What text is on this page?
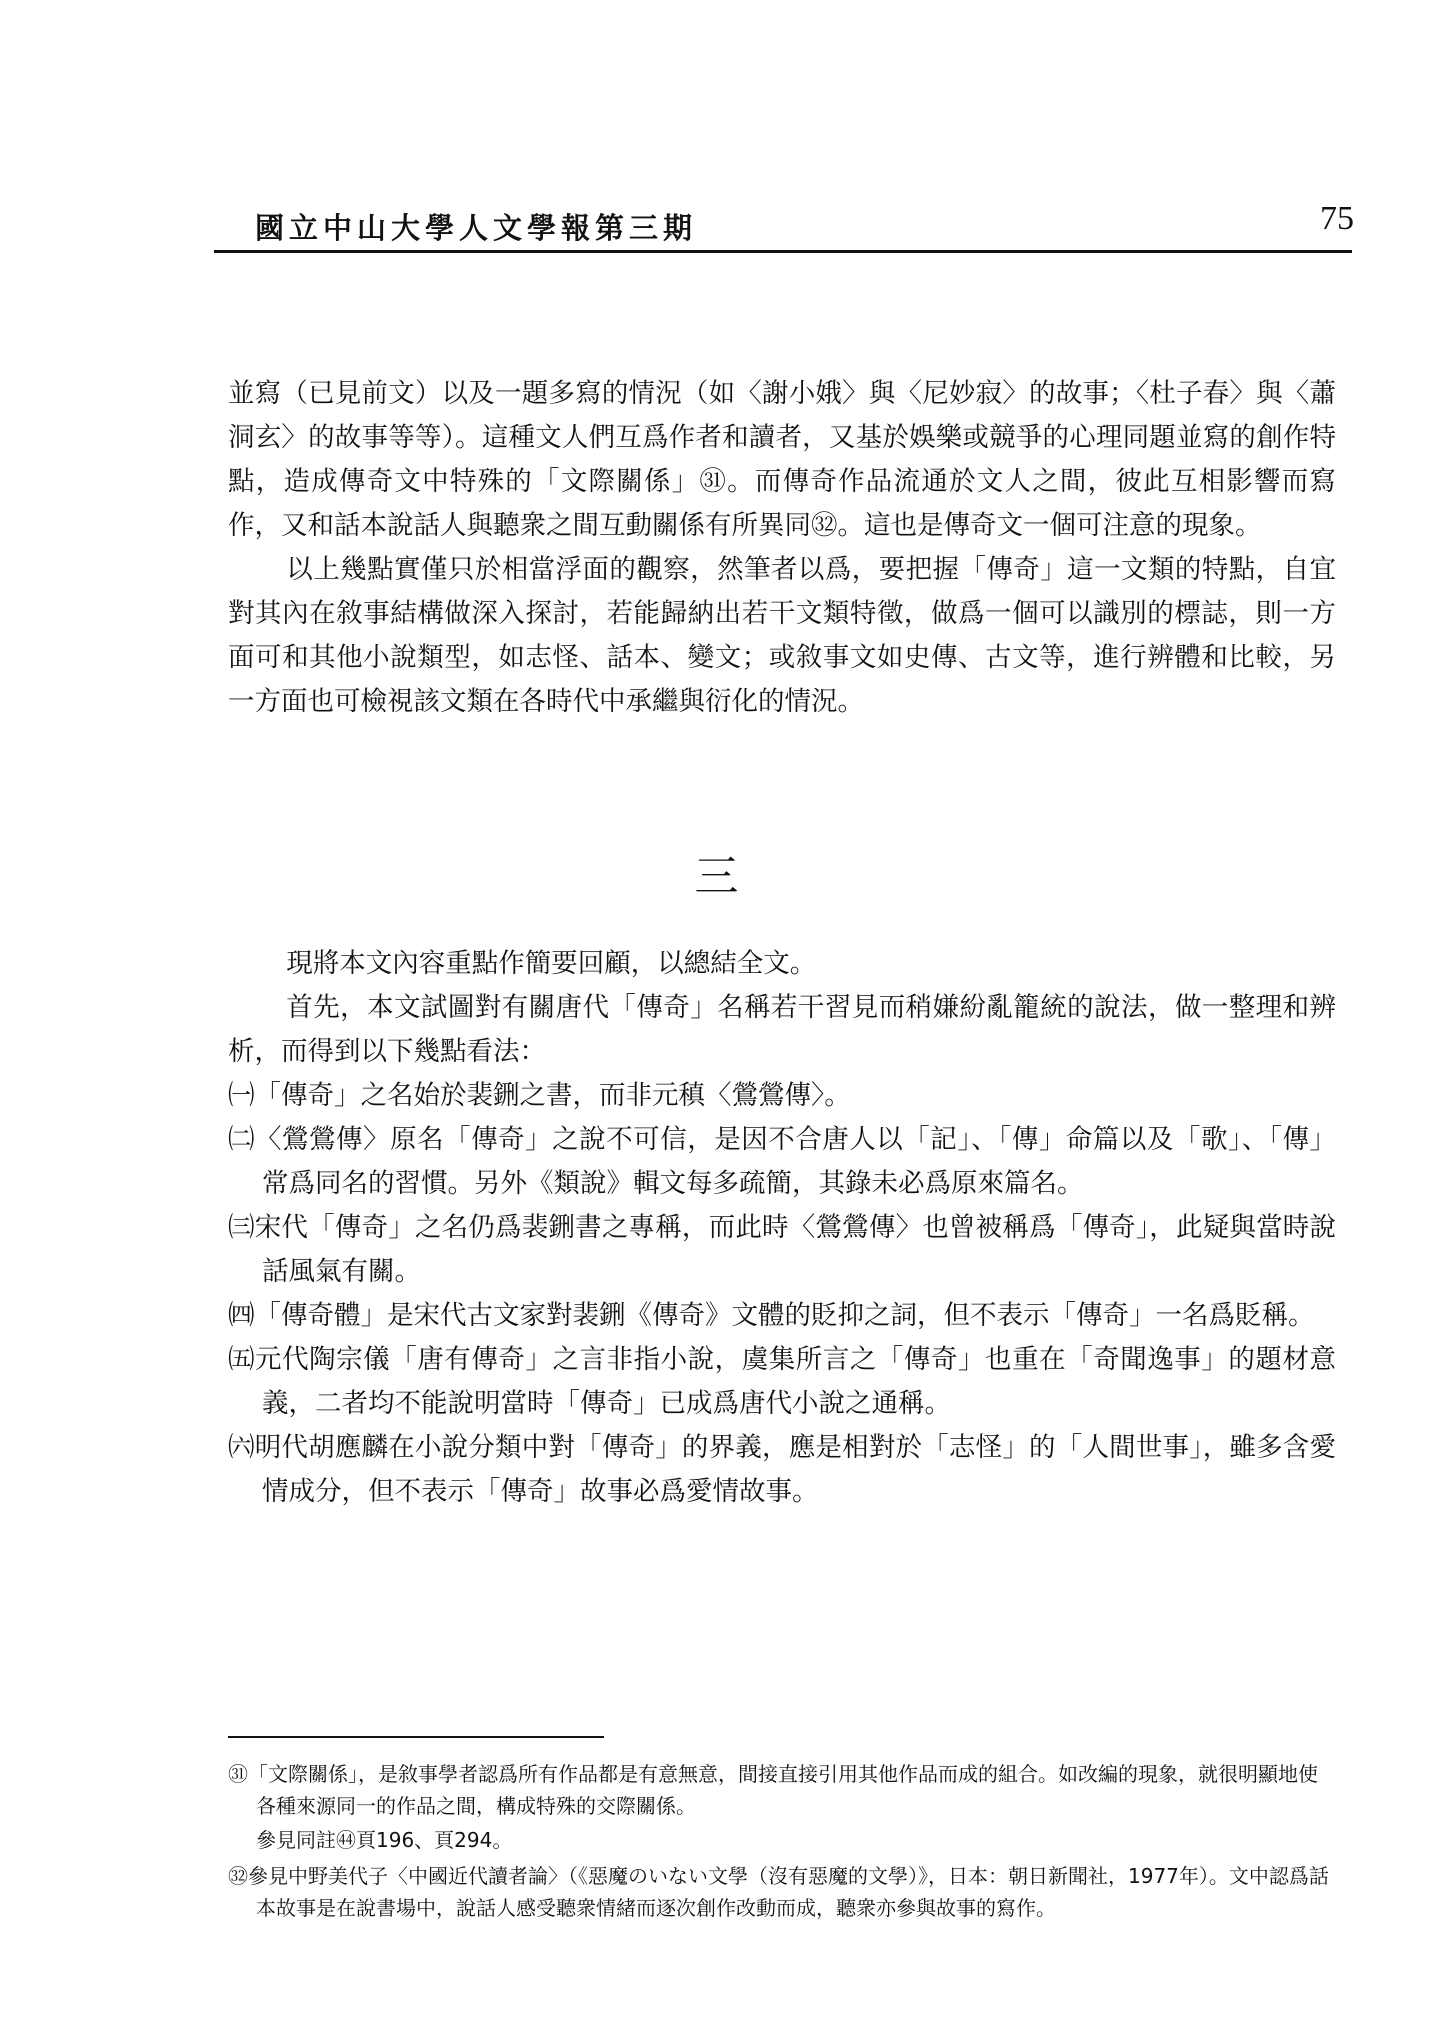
國立中山大學人文學報第三期	75

並寫（已見前文）以及一題多寫的情況（如〈謝小娥〉與〈尼妙寂〉的故事；〈杜子春〉與〈蕭洞玄〉的故事等等）。這種文人們互爲作者和讀者，又基於娛樂或競爭的心理同題並寫的創作特點，造成傳奇文中特殊的「文際關係」㉛。而傳奇作品流通於文人之間，彼此互相影響而寫作，又和話本說話人與聽衆之間互動關係有所異同㉜。這也是傳奇文一個可注意的現象。

以上幾點實僅只於相當浮面的觀察，然筆者以爲，要把握「傳奇」這一文類的特點，自宜對其內在敘事結構做深入探討，若能歸納出若干文類特徵，做爲一個可以識別的標誌，則一方面可和其他小說類型，如志怪、話本、變文；或敘事文如史傳、古文等，進行辨體和比較，另一方面也可檢視該文類在各時代中承繼與衍化的情況。

三

現將本文內容重點作簡要回顧，以總結全文。

首先，本文試圖對有關唐代「傳奇」名稱若干習見而稍嫌紛亂籠統的說法，做一整理和辨析，而得到以下幾點看法：

㈠「傳奇」之名始於裴鉶之書，而非元稹〈鶯鶯傳〉。

㈡〈鶯鶯傳〉原名「傳奇」之說不可信，是因不合唐人以「記」、「傳」命篇以及「歌」、「傳」常爲同名的習慣。另外《類說》輯文每多疏簡，其錄未必爲原來篇名。

㈢宋代「傳奇」之名仍爲裴鉶書之專稱，而此時〈鶯鶯傳〉也曾被稱爲「傳奇」，此疑與當時說話風氣有關。

㈣「傳奇體」是宋代古文家對裴鉶《傳奇》文體的貶抑之詞，但不表示「傳奇」一名爲貶稱。

㈤元代陶宗儀「唐有傳奇」之言非指小說，虞集所言之「傳奇」也重在「奇聞逸事」的題材意義，二者均不能說明當時「傳奇」已成爲唐代小說之通稱。

㈥明代胡應麟在小說分類中對「傳奇」的界義，應是相對於「志怪」的「人間世事」，雖多含愛情成分，但不表示「傳奇」故事必爲愛情故事。

㉛「文際關係」，是敘事學者認爲所有作品都是有意無意，間接直接引用其他作品而成的組合。如改編的現象，就很明顯地使各種來源同一的作品之間，構成特殊的交際關係。

參見同註㊹頁196、頁294。

㉜參見中野美代子〈中國近代讀者論〉（《惡魔のいない文學（沒有惡魔的文學）》，日本：朝日新聞社，1977年）。文中認爲話本故事是在說書場中，說話人感受聽衆情緒而逐次創作改動而成，聽衆亦參與故事的寫作。
